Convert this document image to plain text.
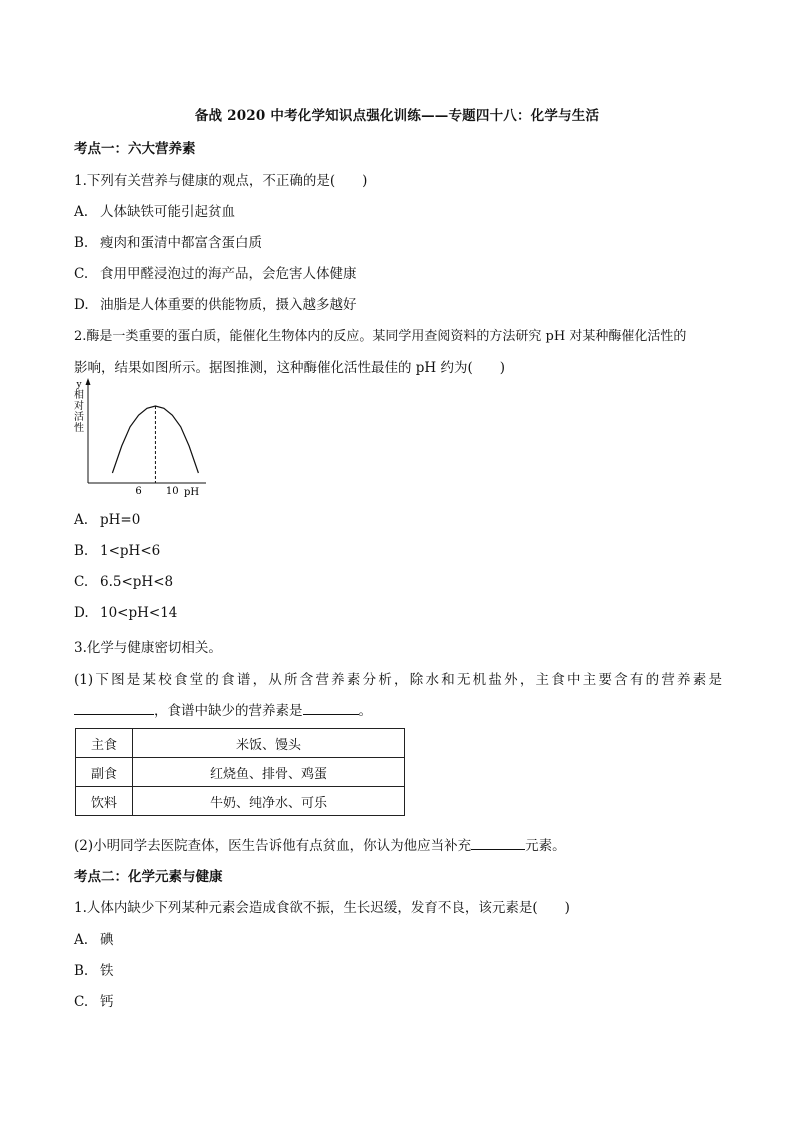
备战 2020 中考化学知识点强化训练——专题四十八：化学与生活
考点一：六大营养素
1.下列有关营养与健康的观点，不正确的是(　　)
A. 人体缺铁可能引起贫血
B. 瘦肉和蛋清中都富含蛋白质
C. 食用甲醛浸泡过的海产品，会危害人体健康
D. 油脂是人体重要的供能物质，摄入越多越好
2.酶是一类重要的蛋白质，能催化生物体内的反应。某同学用查阅资料的方法研究 pH 对某种酶催化活性的
影响，结果如图所示。据图推测，这种酶催化活性最佳的 pH 约为(　　)
y
相
对
活
性
6 10 pH
A. pH=0
B. 1<pH<6
C. 6.5<pH<8
D. 10<pH<14
3.化学与健康密切相关。
(1)下图是某校食堂的食谱，从所含营养素分析，除水和无机盐外，主食中主要含有的营养素是
，食谱中缺少的营养素是	。
主食	米饭、馒头
副食	红烧鱼、排骨、鸡蛋
饮料	牛奶、纯净水、可乐
(2)小明同学去医院查体，医生告诉他有点贫血，你认为他应当补充	元素。
考点二：化学元素与健康
1.人体内缺少下列某种元素会造成食欲不振，生长迟缓，发育不良，该元素是(　　)
A. 碘
B. 铁
C. 钙
